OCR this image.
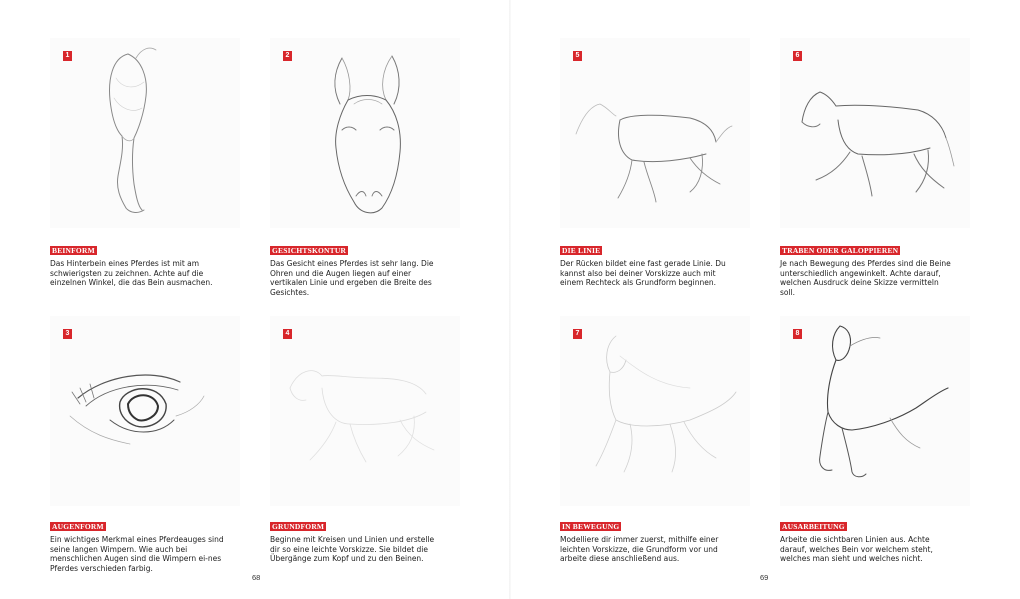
1
BEINFORM
Das Hinterbein eines Pferdes ist mit am schwierigsten zu zeichnen. Achte auf die einzelnen Winkel, die das Bein ausmachen.
2
GESICHTSKONTUR
Das Gesicht eines Pferdes ist sehr lang. Die Ohren und die Augen liegen auf einer vertikalen Linie und ergeben die Breite des Gesichtes.
3
AUGENFORM
Ein wichtiges Merkmal eines Pferdeauges sind seine langen Wimpern. Wie auch bei menschlichen Augen sind die Wimpern ei-nes Pferdes verschieden farbig.
4
GRUNDFORM
Beginne mit Kreisen und Linien und erstelle dir so eine leichte Vorskizze. Sie bildet die Übergänge zum Kopf und zu den Beinen.
5
DIE LINIE
Der Rücken bildet eine fast gerade Linie. Du kannst also bei deiner Vorskizze auch mit einem Rechteck als Grundform beginnen.
6
TRABEN ODER GALOPPIEREN
Je nach Bewegung des Pferdes sind die Beine unterschiedlich angewinkelt. Achte darauf, welchen Ausdruck deine Skizze vermitteln soll.
7
IN BEWEGUNG
Modelliere dir immer zuerst, mithilfe einer leichten Vorskizze, die Grundform vor und arbeite diese anschließend aus.
8
AUSARBEITUNG
Arbeite die sichtbaren Linien aus. Achte darauf, welches Bein vor welchem steht, welches man sieht und welches nicht.
68	69
